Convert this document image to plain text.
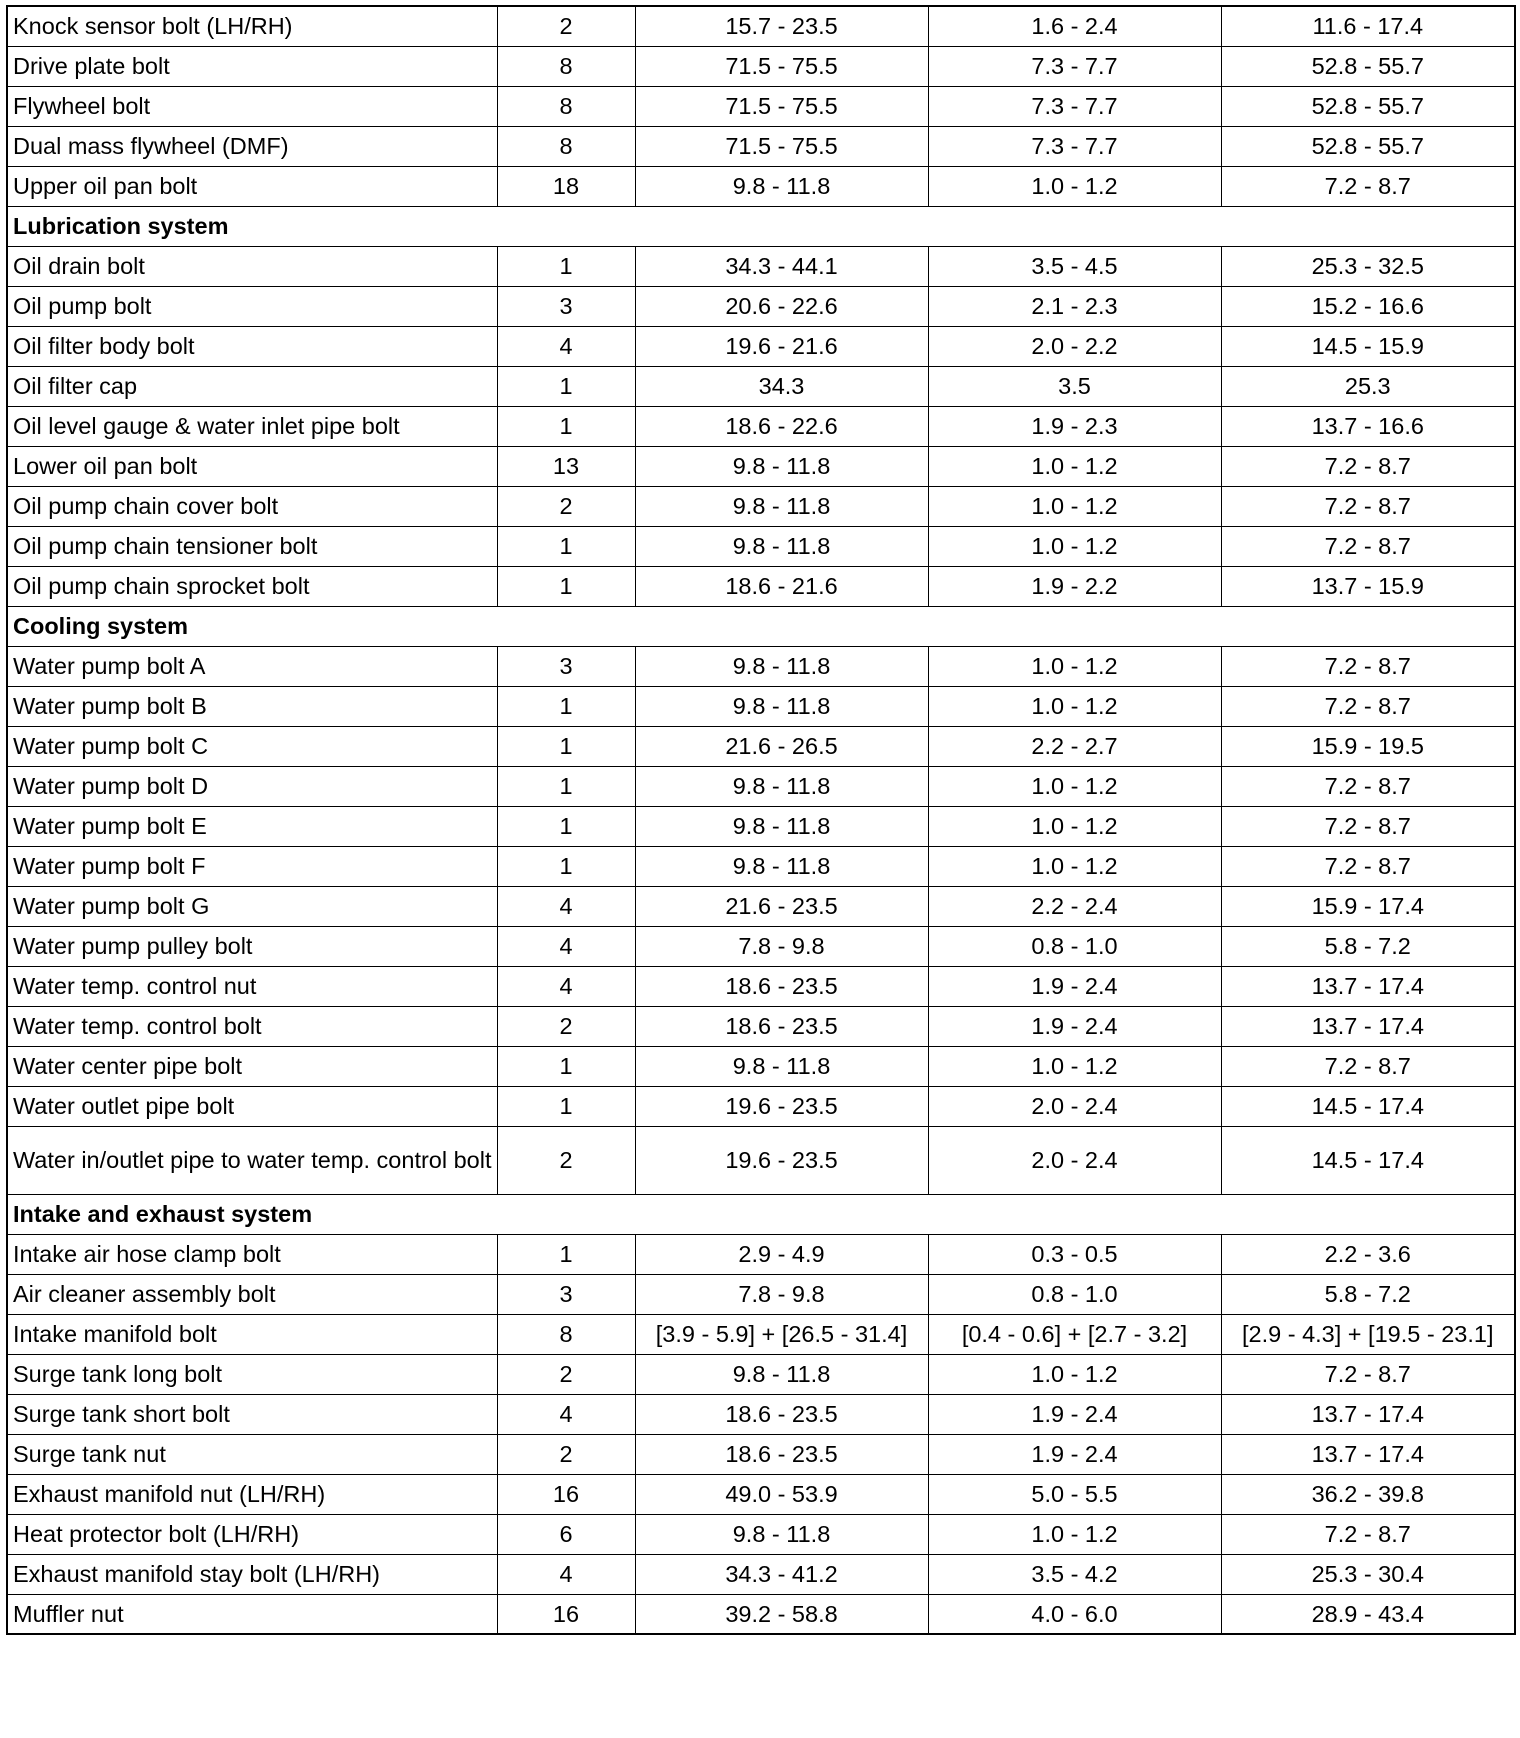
Knock sensor bolt (LH/RH)	2	15.7 - 23.5	1.6 - 2.4	11.6 - 17.4
Drive plate bolt	8	71.5 - 75.5	7.3 - 7.7	52.8 - 55.7
Flywheel bolt	8	71.5 - 75.5	7.3 - 7.7	52.8 - 55.7
Dual mass flywheel (DMF)	8	71.5 - 75.5	7.3 - 7.7	52.8 - 55.7
Upper oil pan bolt	18	9.8 - 11.8	1.0 - 1.2	7.2 - 8.7
Lubrication system				
Oil drain bolt	1	34.3 - 44.1	3.5 - 4.5	25.3 - 32.5
Oil pump bolt	3	20.6 - 22.6	2.1 - 2.3	15.2 - 16.6
Oil filter body bolt	4	19.6 - 21.6	2.0 - 2.2	14.5 - 15.9
Oil filter cap	1	34.3	3.5	25.3
Oil level gauge & water inlet pipe bolt	1	18.6 - 22.6	1.9 - 2.3	13.7 - 16.6
Lower oil pan bolt	13	9.8 - 11.8	1.0 - 1.2	7.2 - 8.7
Oil pump chain cover bolt	2	9.8 - 11.8	1.0 - 1.2	7.2 - 8.7
Oil pump chain tensioner bolt	1	9.8 - 11.8	1.0 - 1.2	7.2 - 8.7
Oil pump chain sprocket bolt	1	18.6 - 21.6	1.9 - 2.2	13.7 - 15.9
Cooling system				
Water pump bolt A	3	9.8 - 11.8	1.0 - 1.2	7.2 - 8.7
Water pump bolt B	1	9.8 - 11.8	1.0 - 1.2	7.2 - 8.7
Water pump bolt C	1	21.6 - 26.5	2.2 - 2.7	15.9 - 19.5
Water pump bolt D	1	9.8 - 11.8	1.0 - 1.2	7.2 - 8.7
Water pump bolt E	1	9.8 - 11.8	1.0 - 1.2	7.2 - 8.7
Water pump bolt F	1	9.8 - 11.8	1.0 - 1.2	7.2 - 8.7
Water pump bolt G	4	21.6 - 23.5	2.2 - 2.4	15.9 - 17.4
Water pump pulley bolt	4	7.8 - 9.8	0.8 - 1.0	5.8 - 7.2
Water temp. control nut	4	18.6 - 23.5	1.9 - 2.4	13.7 - 17.4
Water temp. control bolt	2	18.6 - 23.5	1.9 - 2.4	13.7 - 17.4
Water center pipe bolt	1	9.8 - 11.8	1.0 - 1.2	7.2 - 8.7
Water outlet pipe bolt	1	19.6 - 23.5	2.0 - 2.4	14.5 - 17.4
Water in/outlet pipe to water temp. control bolt	2	19.6 - 23.5	2.0 - 2.4	14.5 - 17.4
Intake and exhaust system				
Intake air hose clamp bolt	1	2.9 - 4.9	0.3 - 0.5	2.2 - 3.6
Air cleaner assembly bolt	3	7.8 - 9.8	0.8 - 1.0	5.8 - 7.2
Intake manifold bolt	8	[3.9 - 5.9] + [26.5 - 31.4]	[0.4 - 0.6] + [2.7 - 3.2]	[2.9 - 4.3] + [19.5 - 23.1]
Surge tank long bolt	2	9.8 - 11.8	1.0 - 1.2	7.2 - 8.7
Surge tank short bolt	4	18.6 - 23.5	1.9 - 2.4	13.7 - 17.4
Surge tank nut	2	18.6 - 23.5	1.9 - 2.4	13.7 - 17.4
Exhaust manifold nut (LH/RH)	16	49.0 - 53.9	5.0 - 5.5	36.2 - 39.8
Heat protector bolt (LH/RH)	6	9.8 - 11.8	1.0 - 1.2	7.2 - 8.7
Exhaust manifold stay bolt (LH/RH)	4	34.3 - 41.2	3.5 - 4.2	25.3 - 30.4
Muffler nut	16	39.2 - 58.8	4.0 - 6.0	28.9 - 43.4
